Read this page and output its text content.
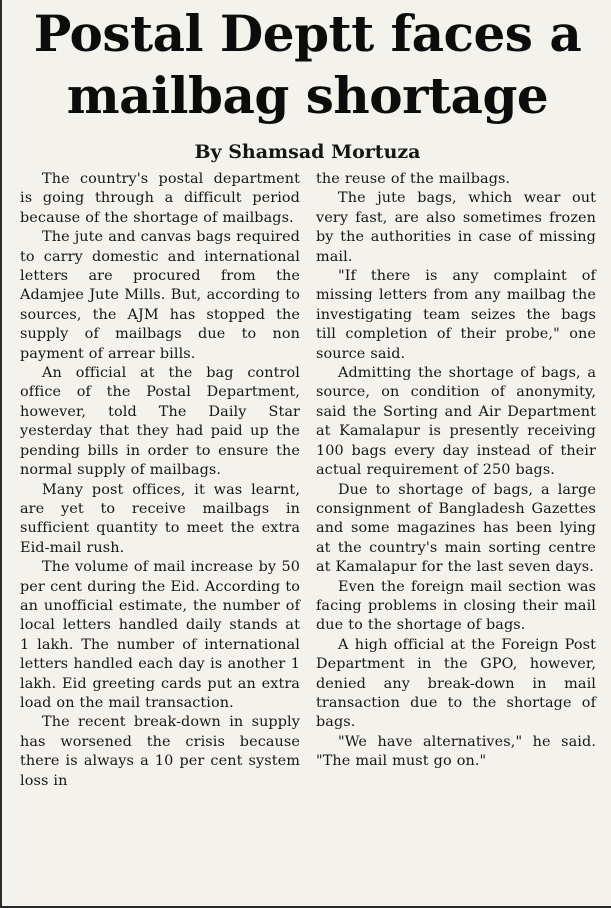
Postal Deptt faces a
mailbag shortage
By Shamsad Mortuza

The country's postal department is going through a difficult period because of the shortage of mailbags.

The jute and canvas bags required to carry domestic and international letters are procured from the Adamjee Jute Mills. But, according to sources, the AJM has stopped the supply of mailbags due to non payment of arrear bills.

An official at the bag control office of the Postal Department, however, told The Daily Star yesterday that they had paid up the pending bills in order to ensure the normal supply of mailbags.

Many post offices, it was learnt, are yet to receive mailbags in sufficient quantity to meet the extra Eid-mail rush.

The volume of mail increase by 50 per cent during the Eid. According to an unofficial estimate, the number of local letters handled daily stands at 1 lakh. The number of international letters handled each day is another 1 lakh. Eid greeting cards put an extra load on the mail transaction.

The recent break-down in supply has worsened the crisis because there is always a 10 per cent system loss in

the reuse of the mailbags.

The jute bags, which wear out very fast, are also sometimes frozen by the authorities in case of missing mail.

"If there is any complaint of missing letters from any mailbag the investigating team seizes the bags till completion of their probe," one source said.

Admitting the shortage of bags, a source, on condition of anonymity, said the Sorting and Air Department at Kamalapur is presently receiving 100 bags every day instead of their actual requirement of 250 bags.

Due to shortage of bags, a large consignment of Bangladesh Gazettes and some magazines has been lying at the country's main sorting centre at Kamalapur for the last seven days.

Even the foreign mail section was facing problems in closing their mail due to the shortage of bags.

A high official at the Foreign Post Department in the GPO, however, denied any break-down in mail transaction due to the shortage of bags.

"We have alternatives," he said. "The mail must go on."
